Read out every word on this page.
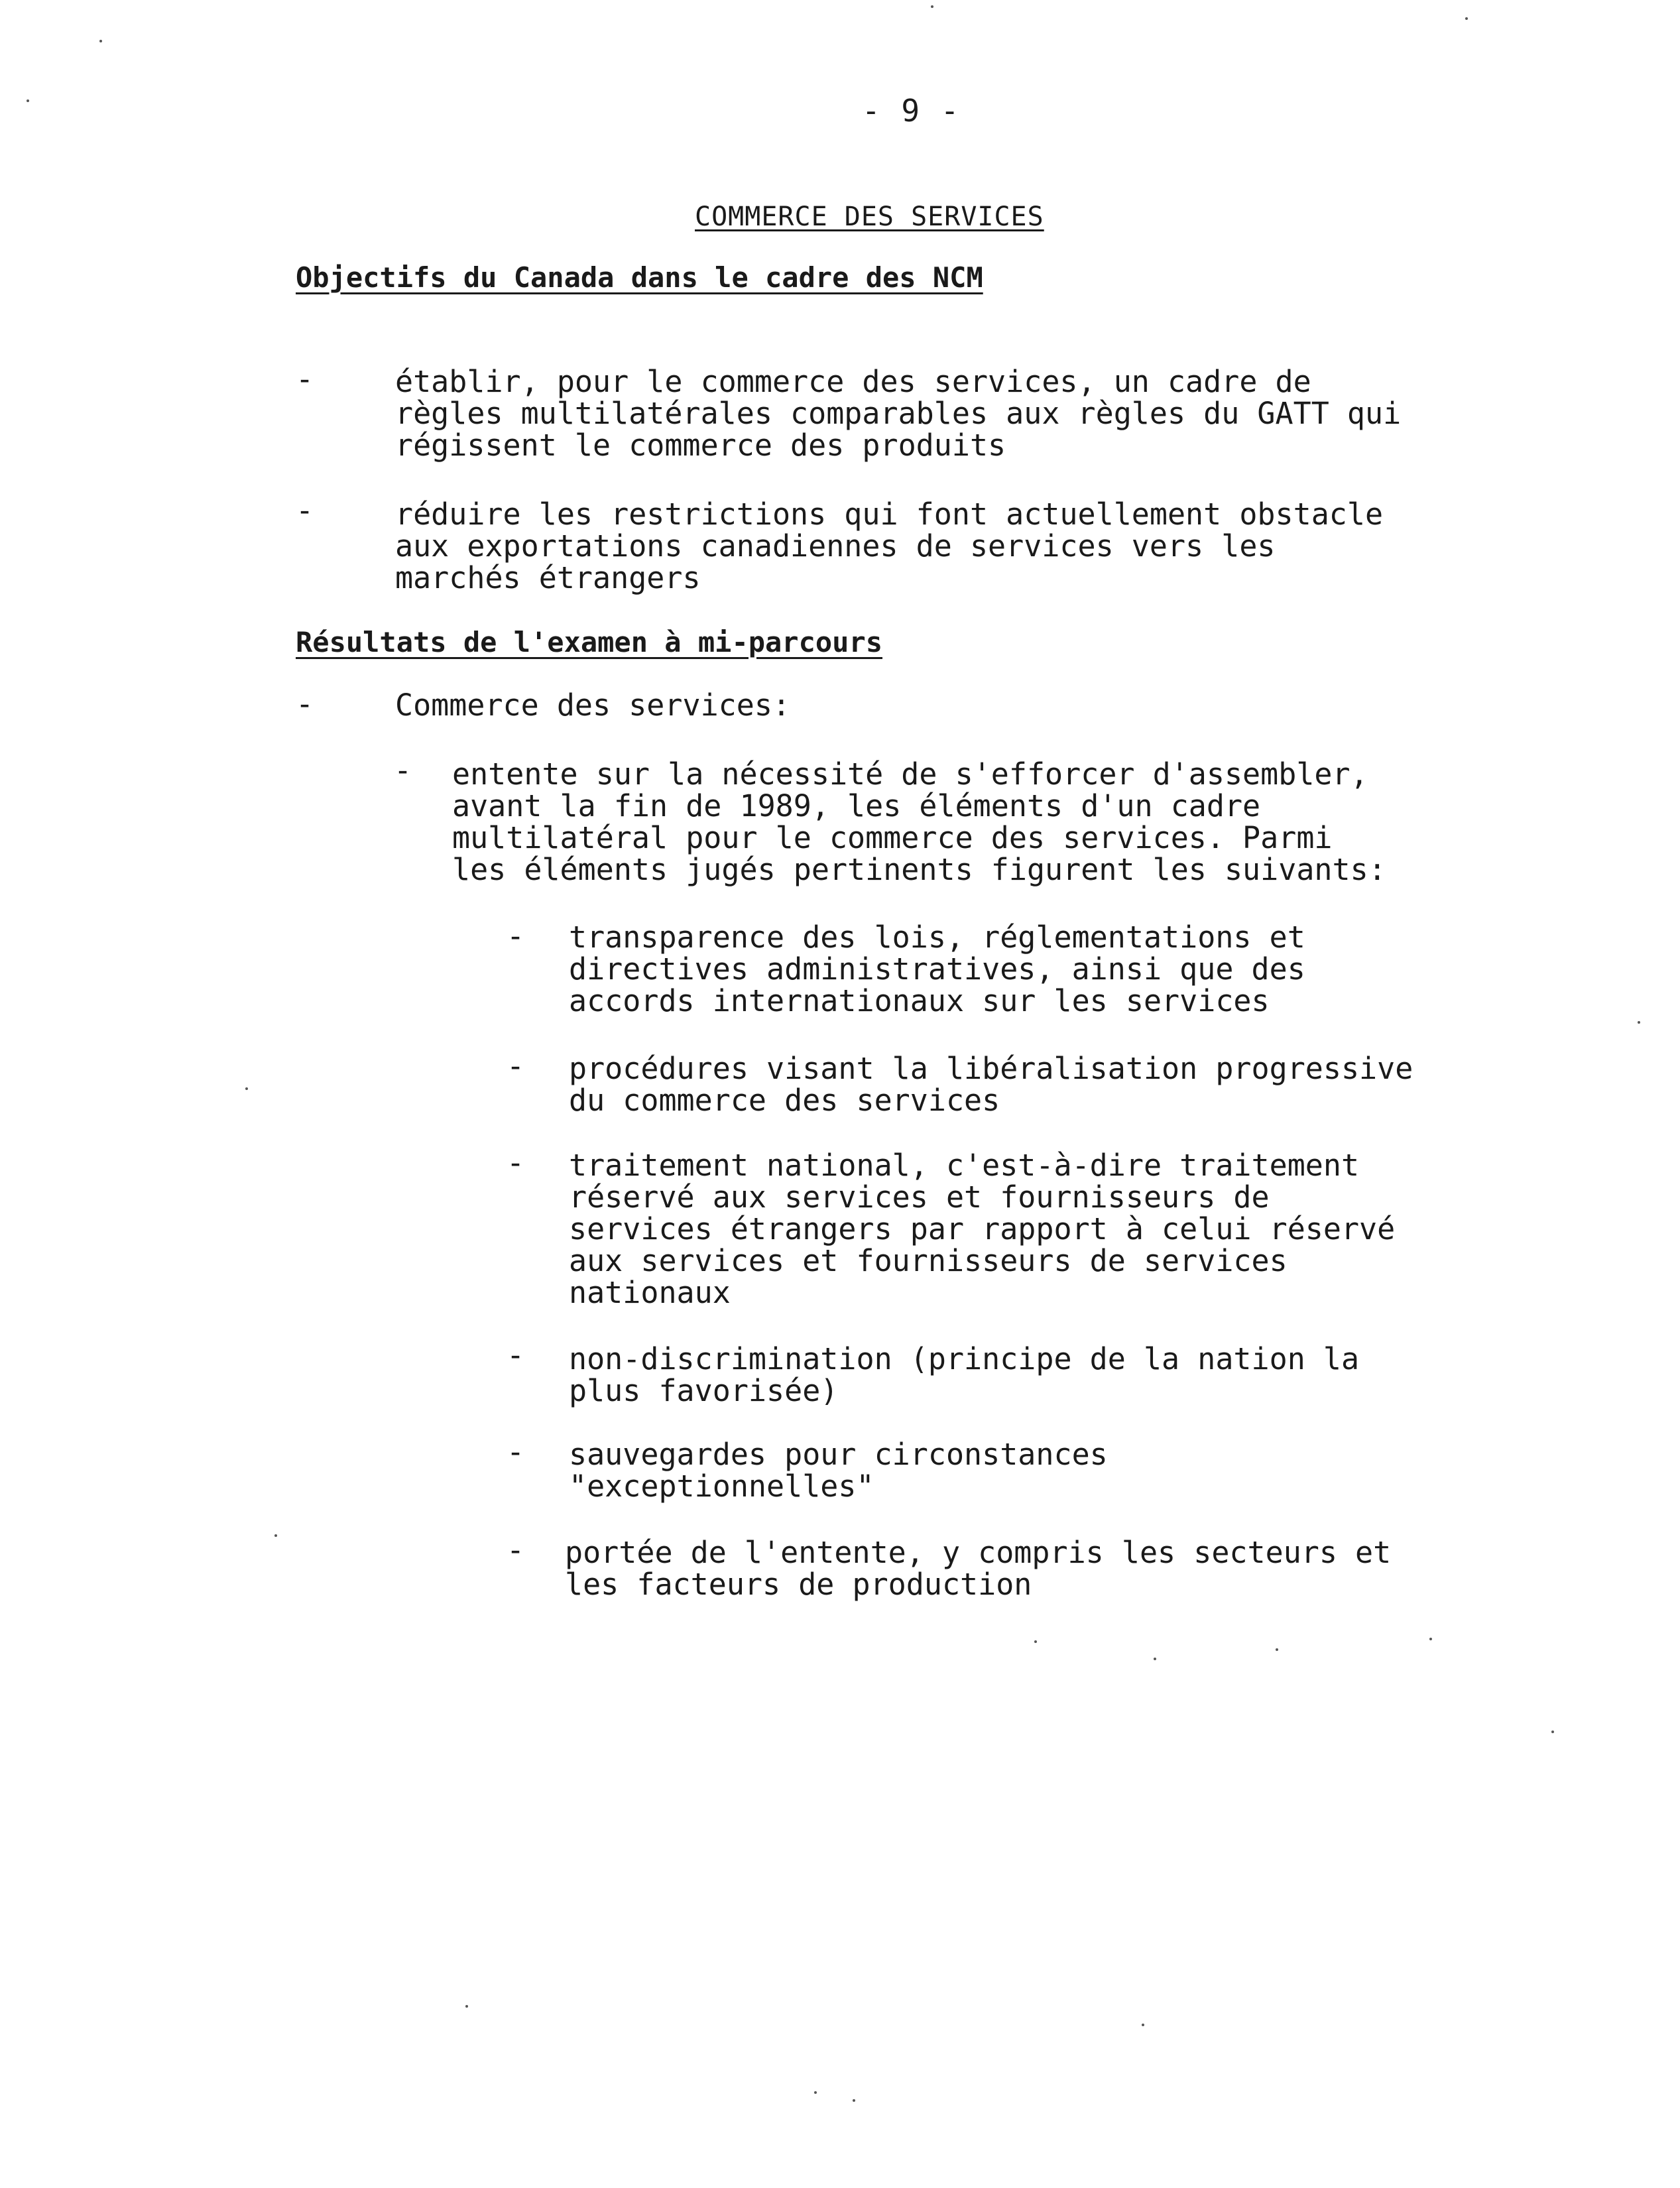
- 9 -
COMMERCE DES SERVICES
Objectifs du Canada dans le cadre des NCM
-	établir, pour le commerce des services, un cadre de
règles multilatérales comparables aux règles du GATT qui
régissent le commerce des produits
-	réduire les restrictions qui font actuellement obstacle
aux exportations canadiennes de services vers les
marchés étrangers
Résultats de l'examen à mi-parcours
-	Commerce des services:
- entente sur la nécessité de s'efforcer d'assembler,
avant la fin de 1989, les éléments d'un cadre
multilatéral pour le commerce des services. Parmi
les éléments jugés pertinents figurent les suivants:
- transparence des lois, réglementations et
directives administratives, ainsi que des
accords internationaux sur les services
- procédures visant la libéralisation progressive
du commerce des services
- traitement national, c'est-à-dire traitement
réservé aux services et fournisseurs de
services étrangers par rapport à celui réservé
aux services et fournisseurs de services
nationaux
- non-discrimination (principe de la nation la
plus favorisée)
- sauvegardes pour circonstances
"exceptionnelles"
- portée de l'entente, y compris les secteurs et
les facteurs de production
